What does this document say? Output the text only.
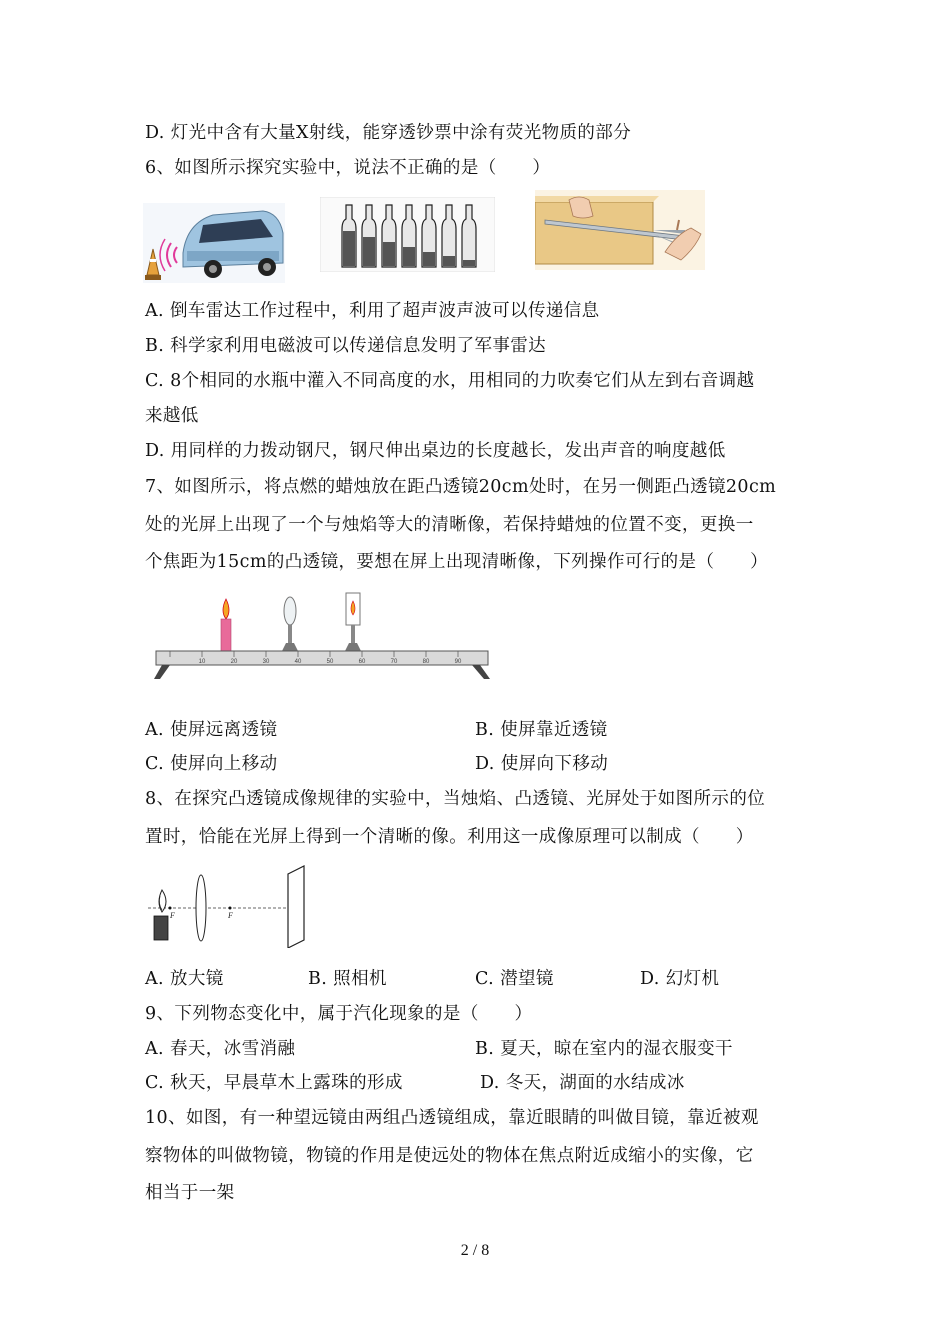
D. 灯光中含有大量X射线，能穿透钞票中涂有荧光物质的部分
6、如图所示探究实验中，说法不正确的是（　　）
A. 倒车雷达工作过程中，利用了超声波声波可以传递信息
B. 科学家利用电磁波可以传递信息发明了军事雷达
C. 8个相同的水瓶中灌入不同高度的水，用相同的力吹奏它们从左到右音调越
来越低
D. 用同样的力拨动钢尺，钢尺伸出桌边的长度越长，发出声音的响度越低
7、如图所示，将点燃的蜡烛放在距凸透镜20cm处时，在另一侧距凸透镜20cm
处的光屏上出现了一个与烛焰等大的清晰像，若保持蜡烛的位置不变，更换一
个焦距为15cm的凸透镜，要想在屏上出现清晰像，下列操作可行的是（　　）
10	20	30	40	50	60	70	80	90
A. 使屏远离透镜	B. 使屏靠近透镜
C. 使屏向上移动	D. 使屏向下移动
8、在探究凸透镜成像规律的实验中，当烛焰、凸透镜、光屏处于如图所示的位
置时，恰能在光屏上得到一个清晰的像。利用这一成像原理可以制成（　　）
F	F
A. 放大镜	B. 照相机	C. 潜望镜	D. 幻灯机
9、下列物态变化中，属于汽化现象的是（　　）
A. 春天，冰雪消融	B. 夏天，晾在室内的湿衣服变干
C. 秋天，早晨草木上露珠的形成	D. 冬天，湖面的水结成冰
10、如图，有一种望远镜由两组凸透镜组成，靠近眼睛的叫做目镜，靠近被观
察物体的叫做物镜，物镜的作用是使远处的物体在焦点附近成缩小的实像，它
相当于一架
2 / 8
